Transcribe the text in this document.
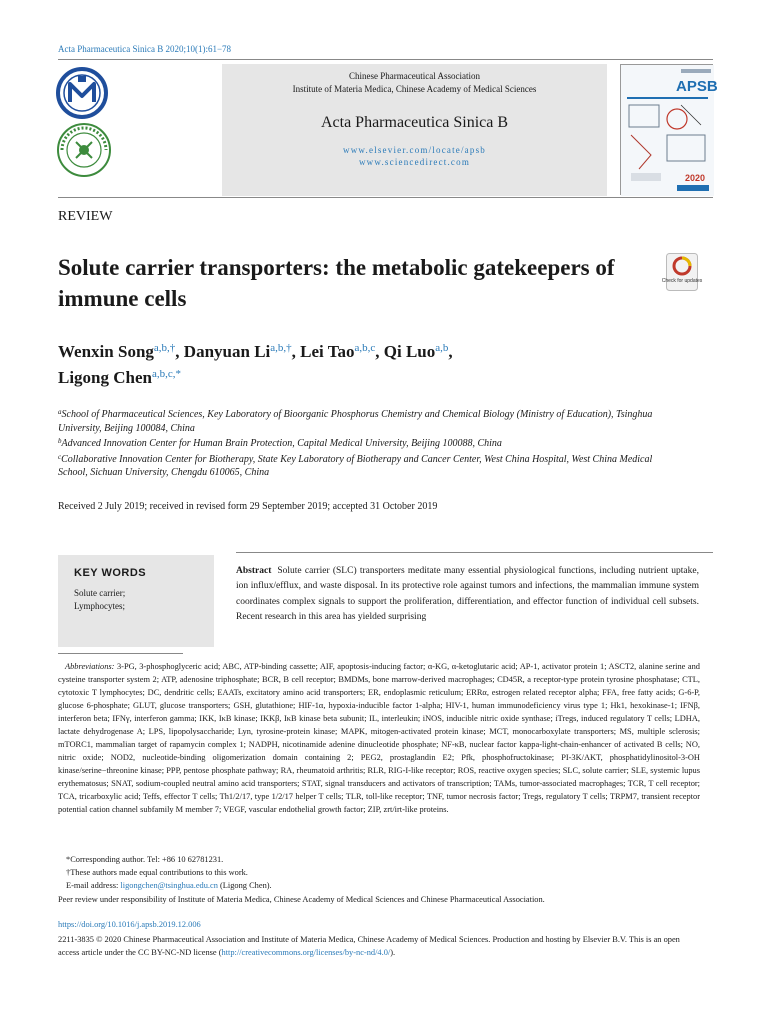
Acta Pharmaceutica Sinica B 2020;10(1):61−78
Chinese Pharmaceutical Association
Institute of Materia Medica, Chinese Academy of Medical Sciences
Acta Pharmaceutica Sinica B
www.elsevier.com/locate/apsb
www.sciencedirect.com
APSB
2020
REVIEW
Solute carrier transporters: the metabolic gatekeepers of immune cells
Check for updates
Wenxin Song$^{a,b,\dagger}$, Danyuan $Li^{a,b,\dagger}$, Lei Tao$^{a,b,c}$, Qi Luo$^{a,b}$,
Ligong Chen$^{a,b,c,*}$
$^a$School of Pharmaceutical Sciences, Key Laboratory of Bioorganic Phosphorus Chemistry and Chemical Biology (Ministry of Education), Tsinghua University, Beijing 100084, China
$^b$Advanced Innovation Center for Human Brain Protection, Capital Medical University, Beijing 100088, China
$^c$Collaborative Innovation Center for Biotherapy, State Key Laboratory of Biotherapy and Cancer Center, West China Hospital, West China Medical School, Sichuan University, Chengdu 610065, China
Received 2 July 2019; received in revised form 29 September 2019; accepted 31 October 2019
KEY WORDS
Solute carrier;
Lymphocytes;
Abstract Solute carrier (SLC) transporters meditate many essential physiological functions, including nutrient uptake, ion influx/efflux, and waste disposal. In its protective role against tumors and infections, the mammalian immune system coordinates complex signals to support the proliferation, differentiation, and effector function of individual cell subsets. Recent research in this area has yielded surprising
Abbreviations: 3-PG, 3-phosphoglyceric acid; ABC, ATP-binding cassette; AIF, apoptosis-inducing factor; α-KG, α-ketoglutaric acid; AP-1, activator protein 1; ASCT2, alanine serine and cysteine transporter system 2; ATP, adenosine triphosphate; BCR, B cell receptor; BMDMs, bone marrow-derived macrophages; CD45R, a receptor-type protein tyrosine phosphatase; CTL, cytotoxic T lymphocytes; DC, dendritic cells; EAATs, excitatory amino acid transporters; ER, endoplasmic reticulum; ERRα, estrogen related receptor alpha; FFA, free fatty acids; G-6-P, glucose 6-phosphate; GLUT, glucose transporters; GSH, glutathione; HIF-1α, hypoxia-inducible factor 1-alpha; HIV-1, human immunodeficiency virus type 1; Hk1, hexokinase-1; IFNβ, interferon beta; IFNγ, interferon gamma; IKK, IκB kinase; IKKβ, IκB kinase beta subunit; IL, interleukin; iNOS, inducible nitric oxide synthase; iTregs, induced regulatory T cells; LDHA, lactate dehydrogenase A; LPS, lipopolysaccharide; Lyn, tyrosine-protein kinase; MAPK, mitogen-activated protein kinase; MCT, monocarboxylate transporters; MS, multiple sclerosis; mTORC1, mammalian target of rapamycin complex 1; NADPH, nicotinamide adenine dinucleotide phosphate; NF-κB, nuclear factor kappa-light-chain-enhancer of activated B cells; NO, nitric oxide; NOD2, nucleotide-binding oligomerization domain containing 2; PEG2, prostaglandin E2; Pfk, phosphofructokinase; PI-3K/AKT, phosphatidylinositol-3-OH kinase/serine−threonine kinase; PPP, pentose phosphate pathway; RA, rheumatoid arthritis; RLR, RIG-I-like receptor; ROS, reactive oxygen species; SLC, solute carrier; SLE, systemic lupus erythematosus; SNAT, sodium-coupled neutral amino acid transporters; STAT, signal transducers and activators of transcription; TAMs, tumor-associated macrophages; TCR, T cell receptor; TCA, tricarboxylic acid; Teffs, effector T cells; Th1/2/17, type 1/2/17 helper T cells; TLR, toll-like receptor; TNF, tumor necrosis factor; Tregs, regulatory T cells; TRPM7, transient receptor potential cation channel subfamily M member 7; VEGF, vascular endothelial growth factor; ZIP, zrt/irt-like proteins.
*Corresponding author. Tel: +86 10 62781231.
†These authors made equal contributions to this work.
E-mail address: ligongchen@tsinghua.edu.cn (Ligong Chen).
Peer review under responsibility of Institute of Materia Medica, Chinese Academy of Medical Sciences and Chinese Pharmaceutical Association.
https://doi.org/10.1016/j.apsb.2019.12.006
2211-3835 © 2020 Chinese Pharmaceutical Association and Institute of Materia Medica, Chinese Academy of Medical Sciences. Production and hosting by Elsevier B.V. This is an open access article under the CC BY-NC-ND license (http://creativecommons.org/licenses/by-nc-nd/4.0/).
